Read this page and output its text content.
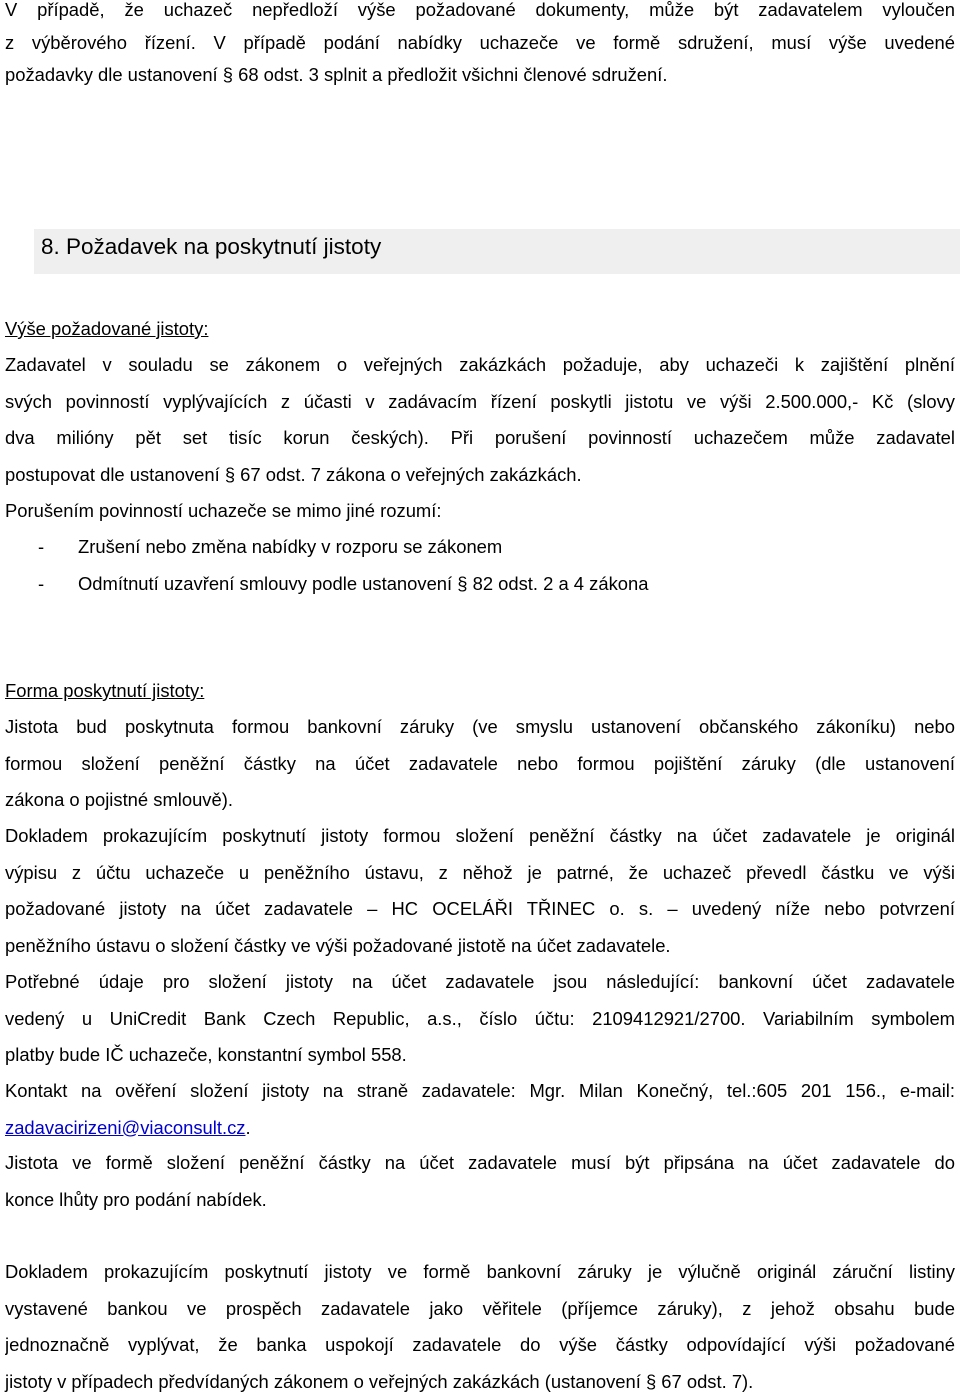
V případě, že uchazeč nepředloží výše požadované dokumenty, může být zadavatelem vyloučen
z výběrového řízení. V případě podání nabídky uchazeče ve formě sdružení, musí výše uvedené
požadavky dle ustanovení § 68 odst. 3 splnit a předložit všichni členové sdružení.
8. Požadavek na poskytnutí jistoty
Výše požadované jistoty:
Zadavatel v souladu se zákonem o veřejných zakázkách požaduje, aby uchazeči k zajištění plnění
svých povinností vyplývajících z účasti v zadávacím řízení poskytli jistotu ve výši 2.500.000,- Kč (slovy
dva milióny pět set tisíc korun českých). Při porušení povinností uchazečem může zadavatel
postupovat dle ustanovení § 67 odst. 7 zákona o veřejných zakázkách.
Porušením povinností uchazeče se mimo jiné rozumí:
- Zrušení nebo změna nabídky v rozporu se zákonem
- Odmítnutí uzavření smlouvy podle ustanovení § 82 odst. 2 a 4 zákona
Forma poskytnutí jistoty:
Jistota bud poskytnuta formou bankovní záruky (ve smyslu ustanovení občanského zákoníku) nebo
formou složení peněžní částky na účet zadavatele nebo formou pojištění záruky (dle ustanovení
zákona o pojistné smlouvě).
Dokladem prokazujícím poskytnutí jistoty formou složení peněžní částky na účet zadavatele je originál
výpisu z účtu uchazeče u peněžního ústavu, z něhož je patrné, že uchazeč převedl částku ve výši
požadované jistoty na účet zadavatele – HC OCELÁŘI TŘINEC o. s. – uvedený níže nebo potvrzení
peněžního ústavu o složení částky ve výši požadované jistotě na účet zadavatele.
Potřebné údaje pro složení jistoty na účet zadavatele jsou následující: bankovní účet zadavatele
vedený u UniCredit Bank Czech Republic, a.s., číslo účtu: 2109412921/2700. Variabilním symbolem
platby bude IČ uchazeče, konstantní symbol 558.
Kontakt na ověření složení jistoty na straně zadavatele: Mgr. Milan Konečný, tel.:605 201 156., e-mail:
zadavacirizeni@viaconsult.cz.
Jistota ve formě složení peněžní částky na účet zadavatele musí být připsána na účet zadavatele do
konce lhůty pro podání nabídek.
Dokladem prokazujícím poskytnutí jistoty ve formě bankovní záruky je výlučně originál záruční listiny
vystavené bankou ve prospěch zadavatele jako věřitele (příjemce záruky), z jehož obsahu bude
jednoznačně vyplývat, že banka uspokojí zadavatele do výše částky odpovídající výši požadované
jistoty v případech předvídaných zákonem o veřejných zakázkách (ustanovení § 67 odst. 7).
